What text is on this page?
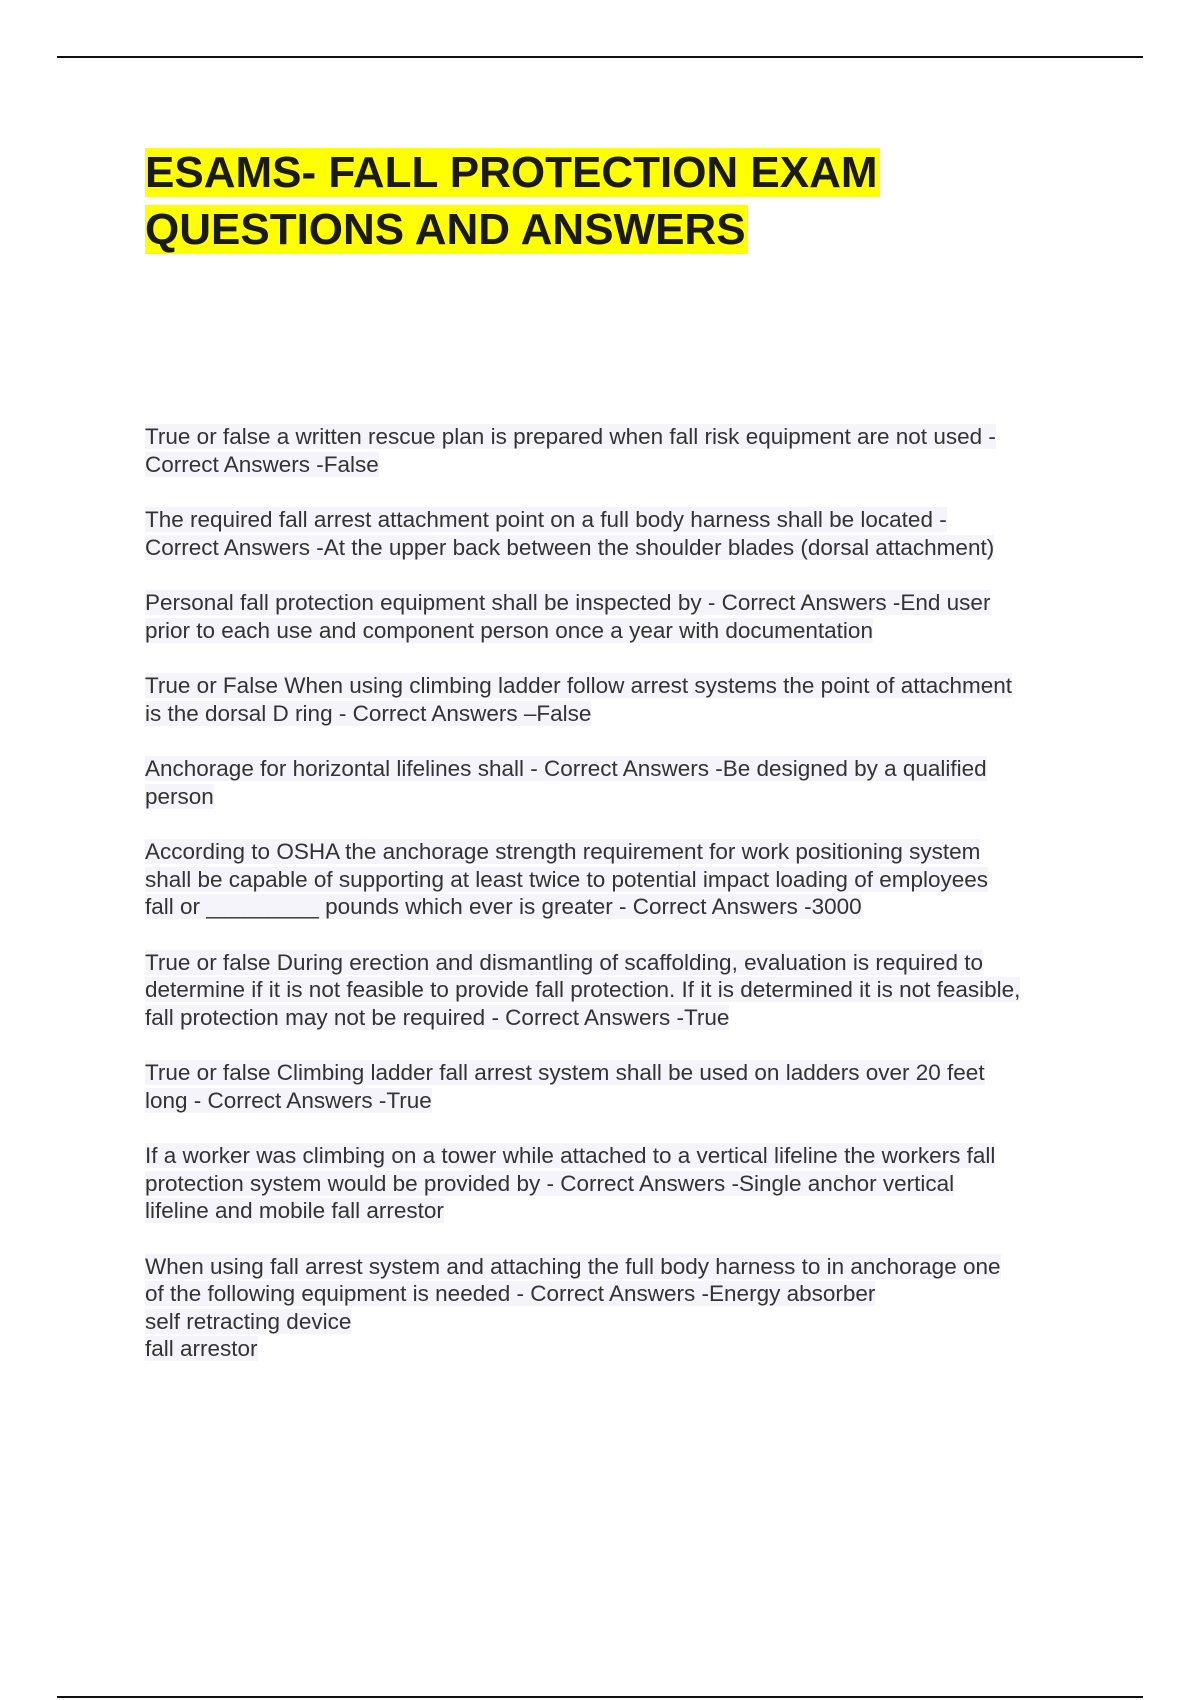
ESAMS- FALL PROTECTION EXAM
QUESTIONS AND ANSWERS
True or false a written rescue plan is prepared when fall risk equipment are not used -
Correct Answers -False
The required fall arrest attachment point on a full body harness shall be located -
Correct Answers -At the upper back between the shoulder blades (dorsal attachment)
Personal fall protection equipment shall be inspected by - Correct Answers -End user
prior to each use and component person once a year with documentation
True or False When using climbing ladder follow arrest systems the point of attachment
is the dorsal D ring - Correct Answers –False
Anchorage for horizontal lifelines shall - Correct Answers -Be designed by a qualified
person
According to OSHA the anchorage strength requirement for work positioning system
shall be capable of supporting at least twice to potential impact loading of employees
fall or _________ pounds which ever is greater - Correct Answers -3000
True or false During erection and dismantling of scaffolding, evaluation is required to
determine if it is not feasible to provide fall protection. If it is determined it is not feasible,
fall protection may not be required - Correct Answers -True
True or false Climbing ladder fall arrest system shall be used on ladders over 20 feet
long - Correct Answers -True
If a worker was climbing on a tower while attached to a vertical lifeline the workers fall
protection system would be provided by - Correct Answers -Single anchor vertical
lifeline and mobile fall arrestor
When using fall arrest system and attaching the full body harness to in anchorage one
of the following equipment is needed - Correct Answers -Energy absorber
self retracting device
fall arrestor
